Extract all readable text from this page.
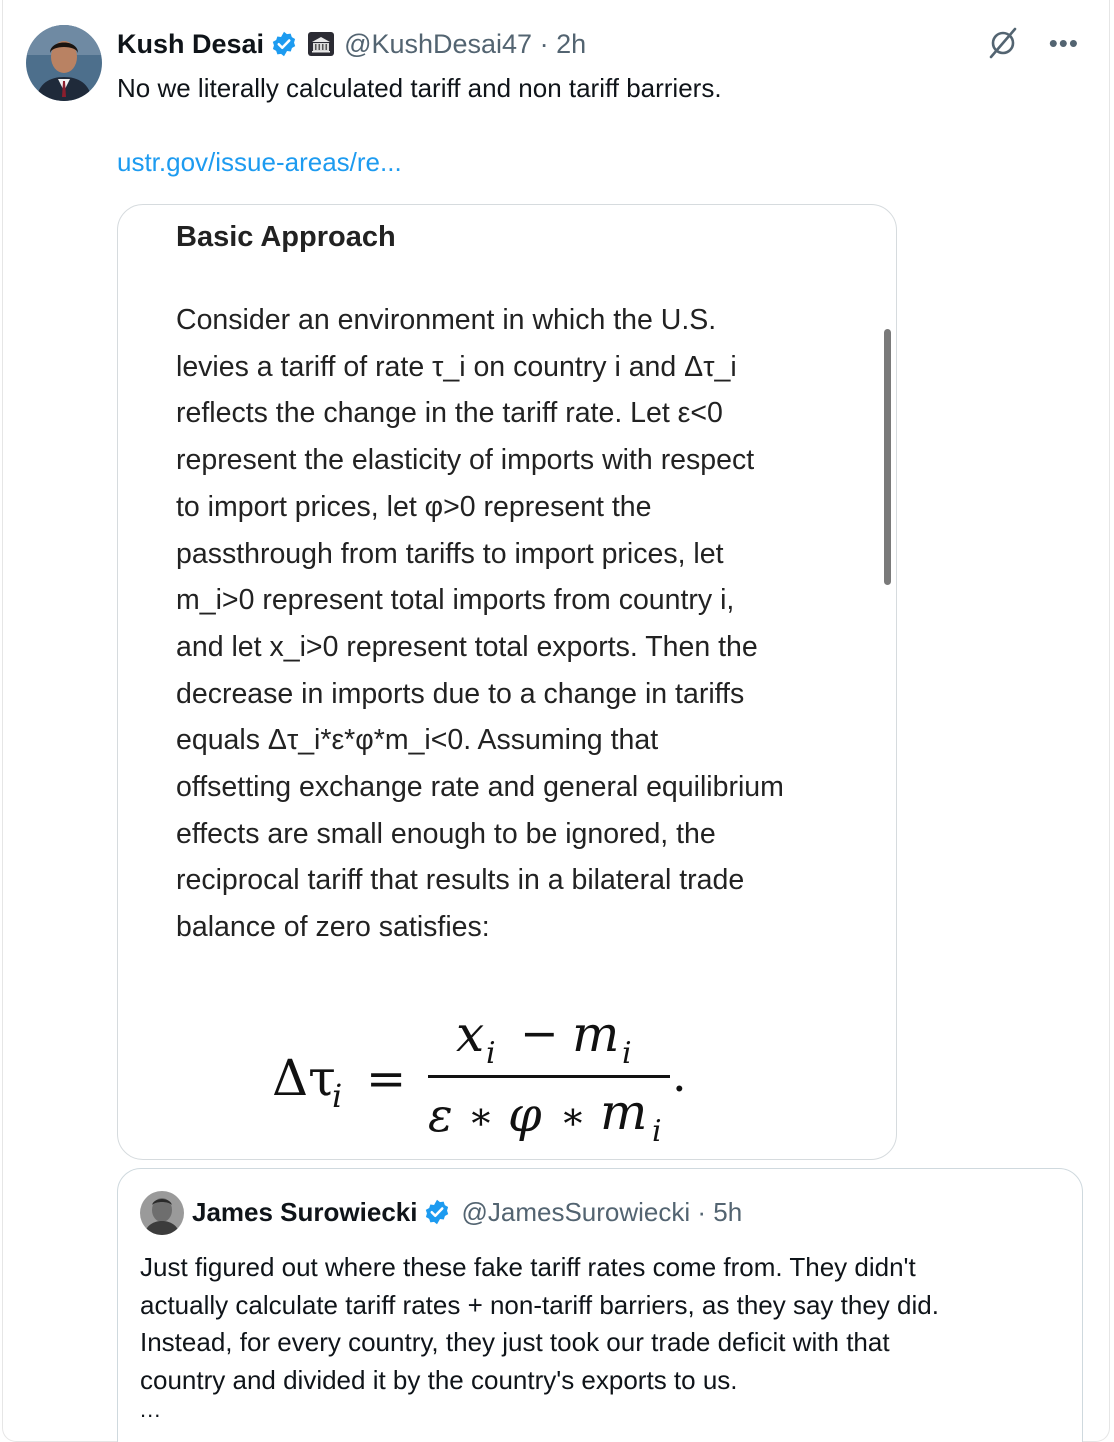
Kush Desai	@KushDesai47 · 2h	•••
No we literally calculated tariff and non tariff barriers.
ustr.gov/issue-areas/re...
Basic Approach
Consider an environment in which the U.S.
levies a tariff of rate τ_i on country i and Δτ_i
reflects the change in the tariff rate. Let ε<0
represent the elasticity of imports with respect
to import prices, let φ>0 represent the
passthrough from tariffs to import prices, let
m_i>0 represent total imports from country i,
and let x_i>0 represent total exports. Then the
decrease in imports due to a change in tariffs
equals Δτ_i*ε*φ*m_i<0. Assuming that
offsetting exchange rate and general equilibrium
effects are small enough to be ignored, the
reciprocal tariff that results in a bilateral trade
balance of zero satisfies:
Δτ
i =
x i − m i
ε ∗ φ ∗ m i
.
James Surowiecki @JamesSurowiecki · 5h
Just figured out where these fake tariff rates come from. They didn't
actually calculate tariff rates + non-tariff barriers, as they say they did.
Instead, for every country, they just took our trade deficit with that
country and divided it by the country's exports to us.
...
